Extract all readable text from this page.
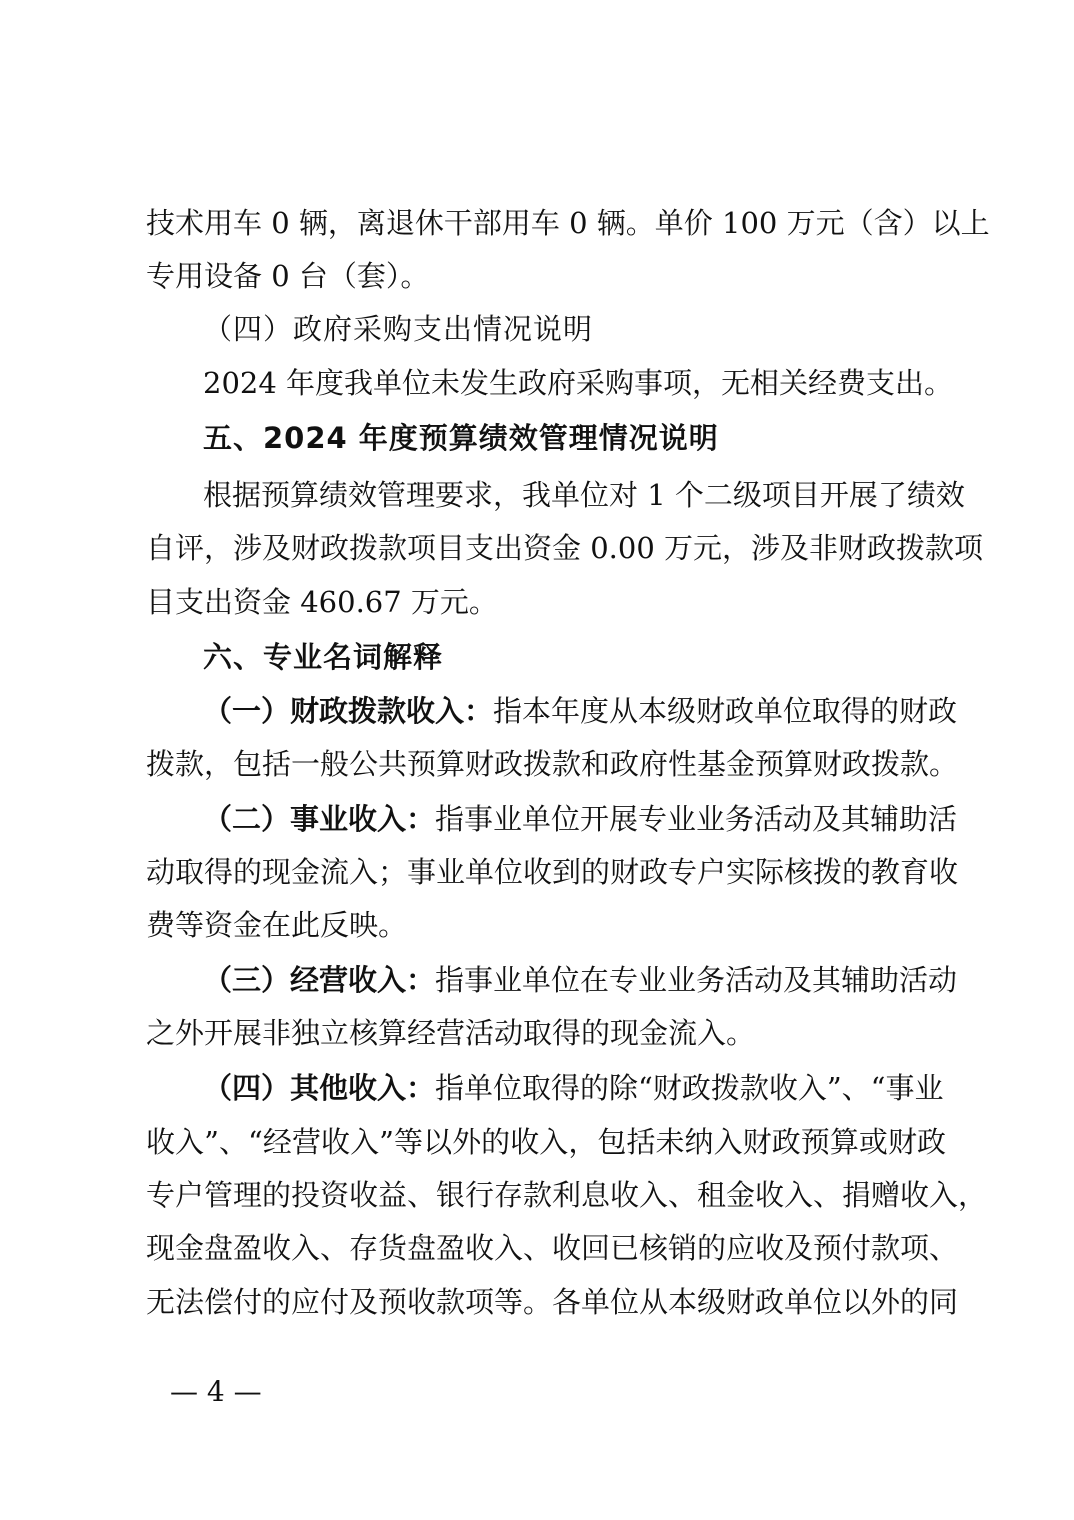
技术用车 0 辆，离退休干部用车 0 辆。单价 100 万元（含）以上
专用设备 0 台（套）。
（四）政府采购支出情况说明
2024 年度我单位未发生政府采购事项，无相关经费支出。
五、2024 年度预算绩效管理情况说明
根据预算绩效管理要求，我单位对 1 个二级项目开展了绩效
自评，涉及财政拨款项目支出资金 0.00 万元，涉及非财政拨款项
目支出资金 460.67 万元。
六、专业名词解释
（一）财政拨款收入：指本年度从本级财政单位取得的财政
拨款，包括一般公共预算财政拨款和政府性基金预算财政拨款。
（二）事业收入：指事业单位开展专业业务活动及其辅助活
动取得的现金流入；事业单位收到的财政专户实际核拨的教育收
费等资金在此反映。
（三）经营收入：指事业单位在专业业务活动及其辅助活动
之外开展非独立核算经营活动取得的现金流入。
（四）其他收入：指单位取得的除“财政拨款收入”、“事业
收入”、“经营收入”等以外的收入，包括未纳入财政预算或财政
专户管理的投资收益、银行存款利息收入、租金收入、捐赠收入，
现金盘盈收入、存货盘盈收入、收回已核销的应收及预付款项、
无法偿付的应付及预收款项等。各单位从本级财政单位以外的同
— 4 —
